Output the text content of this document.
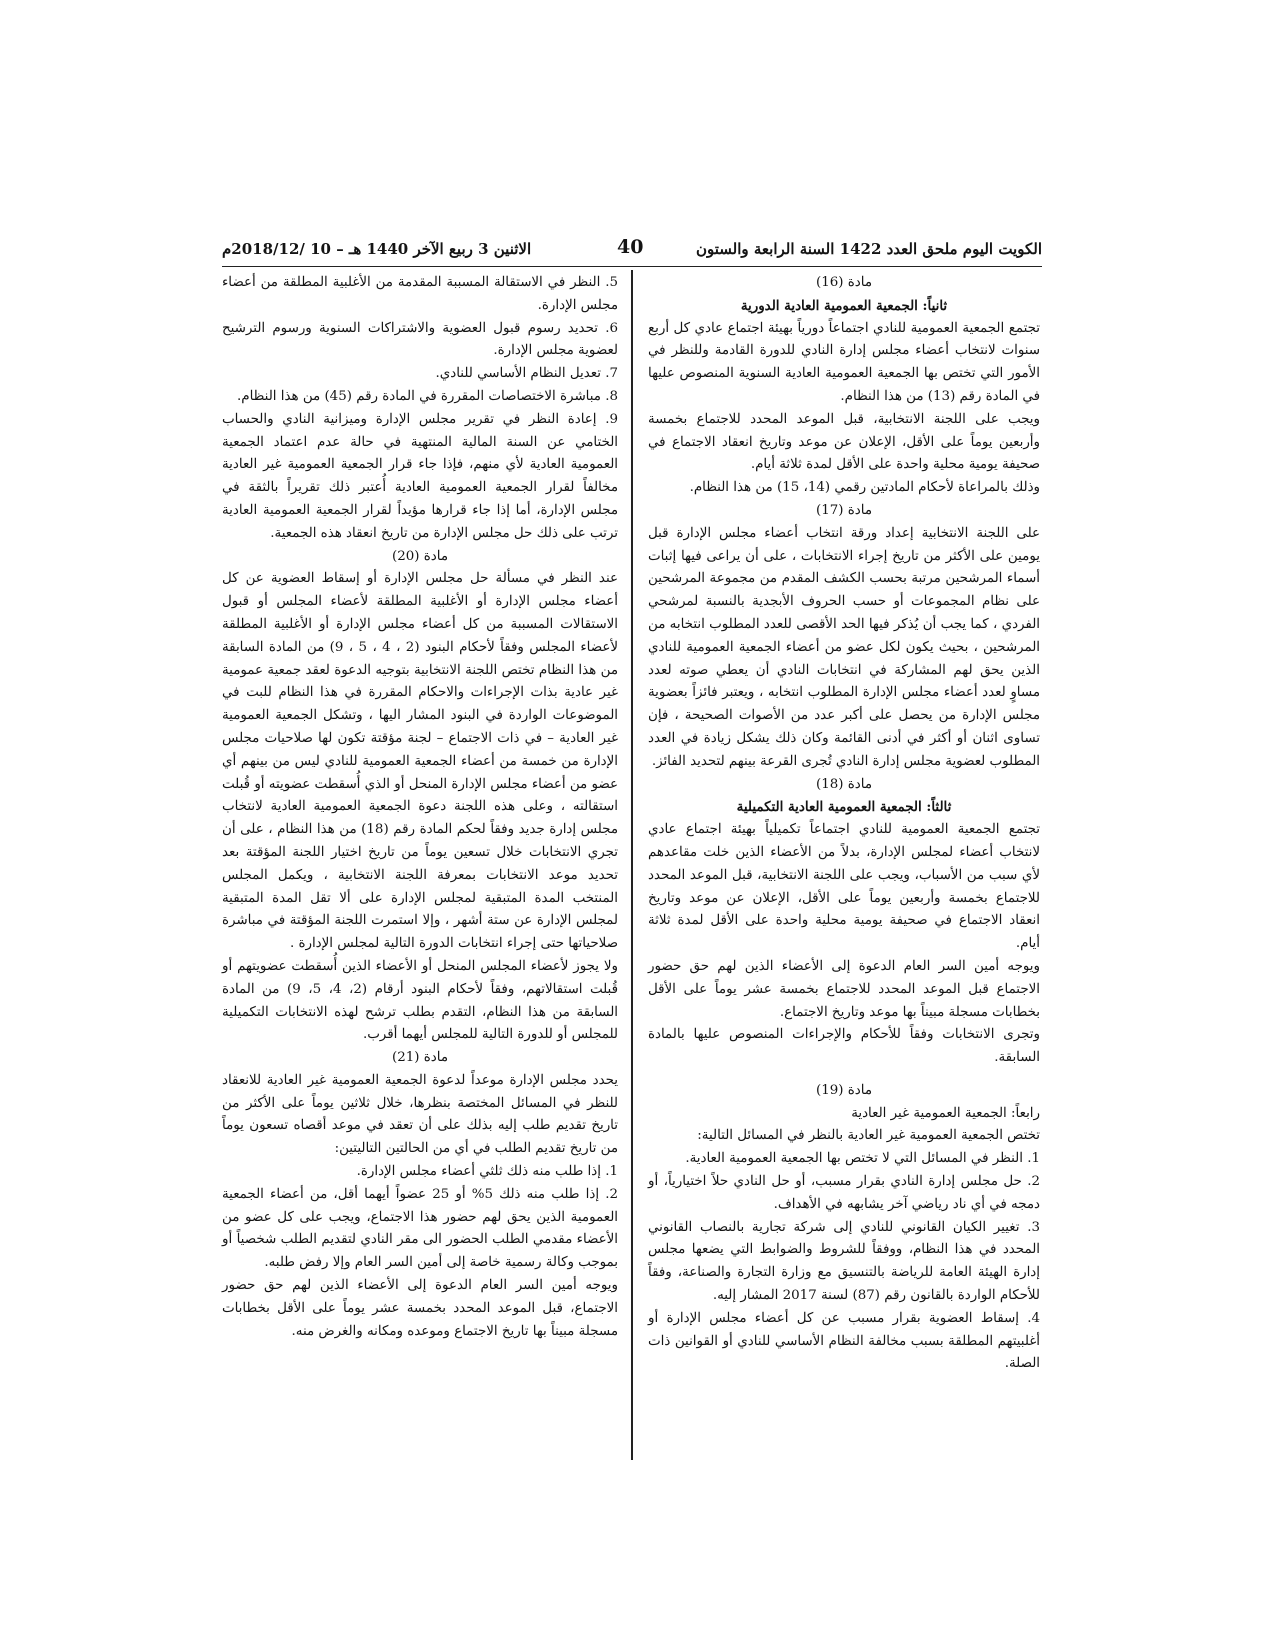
الاثنين 3 ربيع الآخر 1440 هـ – 10 /2018/12م	40	الكويت اليوم ملحق العدد 1422 السنة الرابعة والستون

مادة (16)

ثانياً: الجمعية العمومية العادية الدورية

تجتمع الجمعية العمومية للنادي اجتماعاً دورياً بهيئة اجتماع عادي كل أربع سنوات لانتخاب أعضاء مجلس إدارة النادي للدورة القادمة وللنظر في الأمور التي تختص بها الجمعية العمومية العادية السنوية المنصوص عليها في المادة رقم (13) من هذا النظام.

ويجب على اللجنة الانتخابية، قبل الموعد المحدد للاجتماع بخمسة وأربعين يوماً على الأقل، الإعلان عن موعد وتاريخ انعقاد الاجتماع في صحيفة يومية محلية واحدة على الأقل لمدة ثلاثة أيام.

وذلك بالمراعاة لأحكام المادتين رقمي (14، 15) من هذا النظام.

مادة (17)

على اللجنة الانتخابية إعداد ورقة انتخاب أعضاء مجلس الإدارة قبل يومين على الأكثر من تاريخ إجراء الانتخابات ، على أن يراعى فيها إثبات أسماء المرشحين مرتبة بحسب الكشف المقدم من مجموعة المرشحين على نظام المجموعات أو حسب الحروف الأبجدية بالنسبة لمرشحي الفردي ، كما يجب أن يُذكر فيها الحد الأقصى للعدد المطلوب انتخابه من المرشحين ، بحيث يكون لكل عضو من أعضاء الجمعية العمومية للنادي الذين يحق لهم المشاركة في انتخابات النادي أن يعطي صوته لعدد مساوٍ لعدد أعضاء مجلس الإدارة المطلوب انتخابه ، ويعتبر فائزاً بعضوية مجلس الإدارة من يحصل على أكبر عدد من الأصوات الصحيحة ، فإن تساوى اثنان أو أكثر في أدنى القائمة وكان ذلك يشكل زيادة في العدد المطلوب لعضوية مجلس إدارة النادي تُجرى القرعة بينهم لتحديد الفائز.

مادة (18)

ثالثاً: الجمعية العمومية العادية التكميلية

تجتمع الجمعية العمومية للنادي اجتماعاً تكميلياً بهيئة اجتماع عادي لانتخاب أعضاء لمجلس الإدارة، بدلاً من الأعضاء الذين خلت مقاعدهم لأي سبب من الأسباب، ويجب على اللجنة الانتخابية، قبل الموعد المحدد للاجتماع بخمسة وأربعين يوماً على الأقل، الإعلان عن موعد وتاريخ انعقاد الاجتماع في صحيفة يومية محلية واحدة على الأقل لمدة ثلاثة أيام.

ويوجه أمين السر العام الدعوة إلى الأعضاء الذين لهم حق حضور الاجتماع قبل الموعد المحدد للاجتماع بخمسة عشر يوماً على الأقل بخطابات مسجلة مبيناً بها موعد وتاريخ الاجتماع.

وتجرى الانتخابات وفقاً للأحكام والإجراءات المنصوص عليها بالمادة السابقة.

مادة (19)

رابعاً: الجمعية العمومية غير العادية

تختص الجمعية العمومية غير العادية بالنظر في المسائل التالية:

1. النظر في المسائل التي لا تختص بها الجمعية العمومية العادية.

2. حل مجلس إدارة النادي بقرار مسبب، أو حل النادي حلاً اختيارياً، أو دمجه في أي ناد رياضي آخر يشابهه في الأهداف.

3. تغيير الكيان القانوني للنادي إلى شركة تجارية بالنصاب القانوني المحدد في هذا النظام، ووفقاً للشروط والضوابط التي يضعها مجلس إدارة الهيئة العامة للرياضة بالتنسيق مع وزارة التجارة والصناعة، وفقاً للأحكام الواردة بالقانون رقم (87) لسنة 2017 المشار إليه.

4. إسقاط العضوية بقرار مسبب عن كل أعضاء مجلس الإدارة أو أغلبيتهم المطلقة بسبب مخالفة النظام الأساسي للنادي أو القوانين ذات الصلة.

5. النظر في الاستقالة المسببة المقدمة من الأغلبية المطلقة من أعضاء مجلس الإدارة.

6. تحديد رسوم قبول العضوية والاشتراكات السنوية ورسوم الترشيح لعضوية مجلس الإدارة.

7. تعديل النظام الأساسي للنادي.

8. مباشرة الاختصاصات المقررة في المادة رقم (45) من هذا النظام.

9. إعادة النظر في تقرير مجلس الإدارة وميزانية النادي والحساب الختامي عن السنة المالية المنتهية في حالة عدم اعتماد الجمعية العمومية العادية لأي منهم، فإذا جاء قرار الجمعية العمومية غير العادية مخالفاً لقرار الجمعية العمومية العادية أُعتبر ذلك تقريراً بالثقة في مجلس الإدارة، أما إذا جاء قرارها مؤيداً لقرار الجمعية العمومية العادية ترتب على ذلك حل مجلس الإدارة من تاريخ انعقاد هذه الجمعية.

مادة (20)

عند النظر في مسألة حل مجلس الإدارة أو إسقاط العضوية عن كل أعضاء مجلس الإدارة أو الأغلبية المطلقة لأعضاء المجلس أو قبول الاستقالات المسببة من كل أعضاء مجلس الإدارة أو الأغلبية المطلقة لأعضاء المجلس وفقاً لأحكام البنود (2 ، 4 ، 5 ، 9) من المادة السابقة من هذا النظام تختص اللجنة الانتخابية بتوجيه الدعوة لعقد جمعية عمومية غير عادية بذات الإجراءات والاحكام المقررة في هذا النظام للبت في الموضوعات الواردة في البنود المشار اليها ، وتشكل الجمعية العمومية غير العادية – في ذات الاجتماع – لجنة مؤقتة تكون لها صلاحيات مجلس الإدارة من خمسة من أعضاء الجمعية العمومية للنادي ليس من بينهم أي عضو من أعضاء مجلس الإدارة المنحل أو الذي أُسقطت عضويته أو قُبلت استقالته ، وعلى هذه اللجنة دعوة الجمعية العمومية العادية لانتخاب مجلس إدارة جديد وفقاً لحكم المادة رقم (18) من هذا النظام ، على أن تجري الانتخابات خلال تسعين يوماً من تاريخ اختيار اللجنة المؤقتة بعد تحديد موعد الانتخابات بمعرفة اللجنة الانتخابية ، ويكمل المجلس المنتخب المدة المتبقية لمجلس الإدارة على ألا تقل المدة المتبقية لمجلس الإدارة عن ستة أشهر ، وإلا استمرت اللجنة المؤقتة في مباشرة صلاحياتها حتى إجراء انتخابات الدورة التالية لمجلس الإدارة .

ولا يجوز لأعضاء المجلس المنحل أو الأعضاء الذين أُسقطت عضويتهم أو قُبلت استقالاتهم، وفقاً لأحكام البنود أرقام (2، 4، 5، 9) من المادة السابقة من هذا النظام، التقدم بطلب ترشح لهذه الانتخابات التكميلية للمجلس أو للدورة التالية للمجلس أيهما أقرب.

مادة (21)

يحدد مجلس الإدارة موعداً لدعوة الجمعية العمومية غير العادية للانعقاد للنظر في المسائل المختصة بنظرها، خلال ثلاثين يوماً على الأكثر من تاريخ تقديم طلب إليه بذلك على أن تعقد في موعد أقصاه تسعون يوماً من تاريخ تقديم الطلب في أي من الحالتين التاليتين:

1. إذا طلب منه ذلك ثلثي أعضاء مجلس الإدارة.

2. إذا طلب منه ذلك 5% أو 25 عضواً أيهما أقل، من أعضاء الجمعية العمومية الذين يحق لهم حضور هذا الاجتماع، ويجب على كل عضو من الأعضاء مقدمي الطلب الحضور الى مقر النادي لتقديم الطلب شخصياً أو بموجب وكالة رسمية خاصة إلى أمين السر العام وإلا رفض طلبه.

ويوجه أمين السر العام الدعوة إلى الأعضاء الذين لهم حق حضور الاجتماع، قبل الموعد المحدد بخمسة عشر يوماً على الأقل بخطابات مسجلة مبيناً بها تاريخ الاجتماع وموعده ومكانه والغرض منه.
